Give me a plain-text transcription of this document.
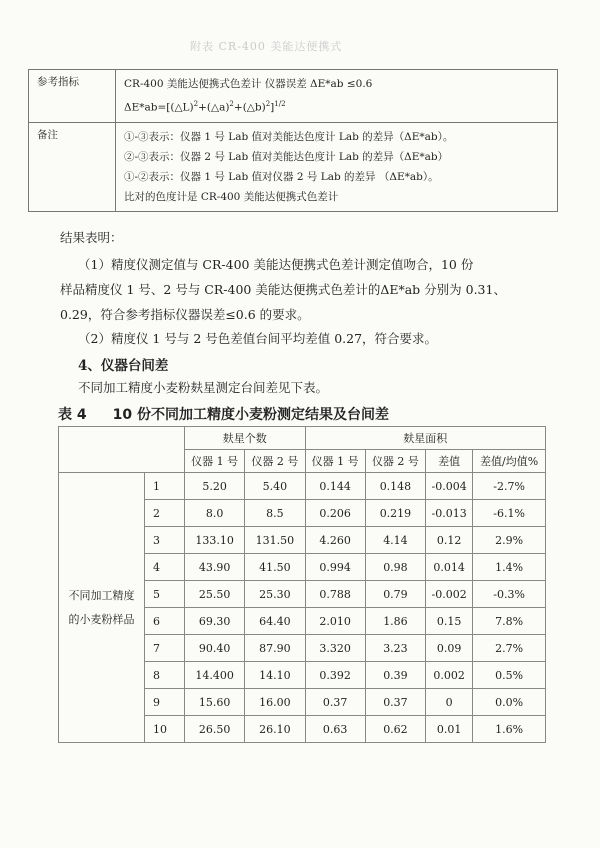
附表 CR-400 美能达便携式
参考指标	CR-400 美能达便携式色差计 仪器误差 ΔE*ab ≤0.6
ΔE*ab=[(△L)$^2$+(△a)$^2$+(△b)$^2$]$^{1/2}$

备注	①-③表示：仪器 1 号 Lab 值对美能达色度计 Lab 的差异（ΔE*ab）。
②-③表示：仪器 2 号 Lab 值对美能达色度计 Lab 的差异（ΔE*ab）
①-②表示：仪器 1 号 Lab 值对仪器 2 号 Lab 的差异 （ΔE*ab）。
比对的色度计是 CR-400 美能达便携式色差计
结果表明：
（1）精度仪测定值与 CR-400 美能达便携式色差计测定值吻合，10 份
样品精度仪 1 号、2 号与 CR-400 美能达便携式色差计的ΔE*ab 分别为 0.31、
0.29，符合参考指标仪器误差≤0.6 的要求。
（2）精度仪 1 号与 2 号色差值台间平均差值 0.27，符合要求。
4、仪器台间差
不同加工精度小麦粉麸星测定台间差见下表。
表 4 10 份不同加工精度小麦粉测定结果及台间差
		麸星个数		麸星面积			
		仪器 1 号	仪器 2 号	仪器 1 号	仪器 2 号	差值	差值/均值%

不同加工精度
的小麦粉样品	1	5.20	5.40	0.144	0.148	-0.004	-2.7%
	2	8.0	8.5	0.206	0.219	-0.013	-6.1%
	3	133.10	131.50	4.260	4.14	0.12	2.9%
	4	43.90	41.50	0.994	0.98	0.014	1.4%
	5	25.50	25.30	0.788	0.79	-0.002	-0.3%
	6	69.30	64.40	2.010	1.86	0.15	7.8%
	7	90.40	87.90	3.320	3.23	0.09	2.7%
	8	14.400	14.10	0.392	0.39	0.002	0.5%
	9	15.60	16.00	0.37	0.37	0	0.0%
	10	26.50	26.10	0.63	0.62	0.01	1.6%
